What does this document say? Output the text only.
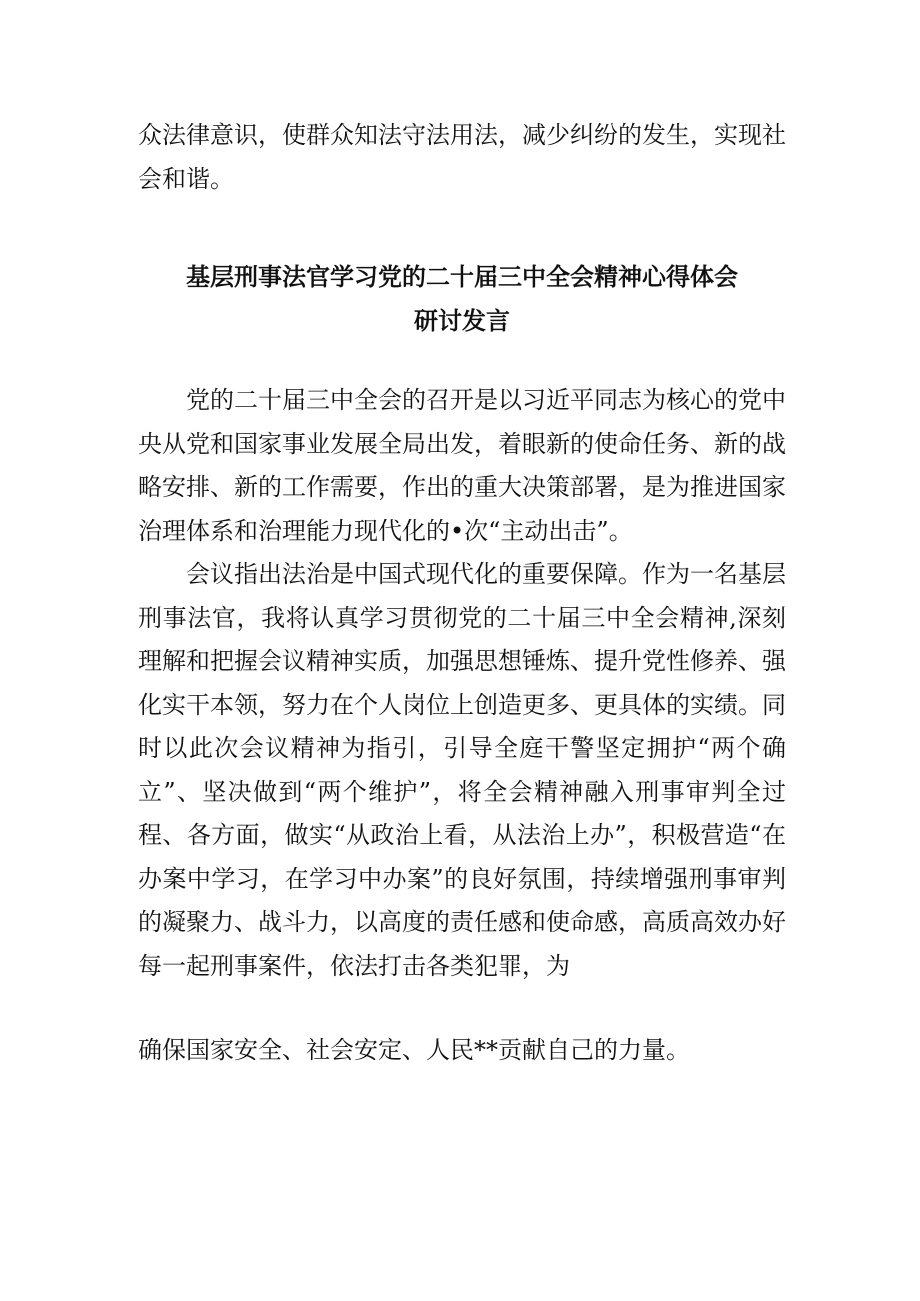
众法律意识，使群众知法守法用法，减少纠纷的发生，实现社会和谐。

基层刑事法官学习党的二十届三中全会精神心得体会
研讨发言

党的二十届三中全会的召开是以习近平同志为核心的党中央从党和国家事业发展全局出发，着眼新的使命任务、新的战略安排、新的工作需要，作出的重大决策部署，是为推进国家治理体系和治理能力现代化的•次“主动出击”。

会议指出法治是中国式现代化的重要保障。作为一名基层刑事法官，我将认真学习贯彻党的二十届三中全会精神,深刻理解和把握会议精神实质，加强思想锤炼、提升党性修养、强化实干本领，努力在个人岗位上创造更多、更具体的实绩。同时以此次会议精神为指引，引导全庭干警坚定拥护“两个确立”、坚决做到“两个维护”，将全会精神融入刑事审判全过程、各方面，做实“从政治上看，从法治上办”，积极营造“在办案中学习，在学习中办案”的良好氛围，持续增强刑事审判的凝聚力、战斗力，以高度的责任感和使命感，高质高效办好每一起刑事案件，依法打击各类犯罪，为

确保国家安全、社会安定、人民**贡献自己的力量。
